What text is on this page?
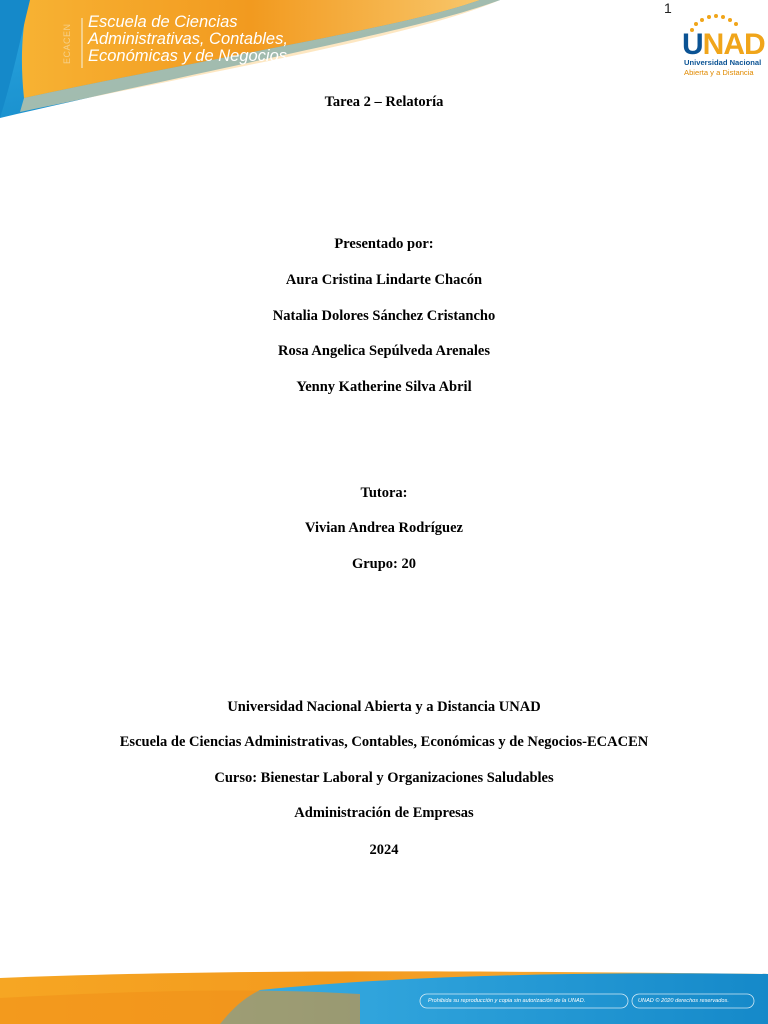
ECACEN
Escuela de Ciencias
Administrativas, Contables,
Económicas y de Negocios
1
UNAD
Universidad Nacional
Abierta y a Distancia
Tarea 2 – Relatoría
Presentado por:
Aura Cristina Lindarte Chacón
Natalia Dolores Sánchez Cristancho
Rosa Angelica Sepúlveda Arenales
Yenny Katherine Silva Abril
Tutora:
Vivian Andrea Rodríguez
Grupo: 20
Universidad Nacional Abierta y a Distancia UNAD
Escuela de Ciencias Administrativas, Contables, Económicas y de Negocios-ECACEN
Curso: Bienestar Laboral y Organizaciones Saludables
Administración de Empresas
2024
Prohibida su reproducción y copia sin autorización de la UNAD.	UNAD © 2020 derechos reservados.
